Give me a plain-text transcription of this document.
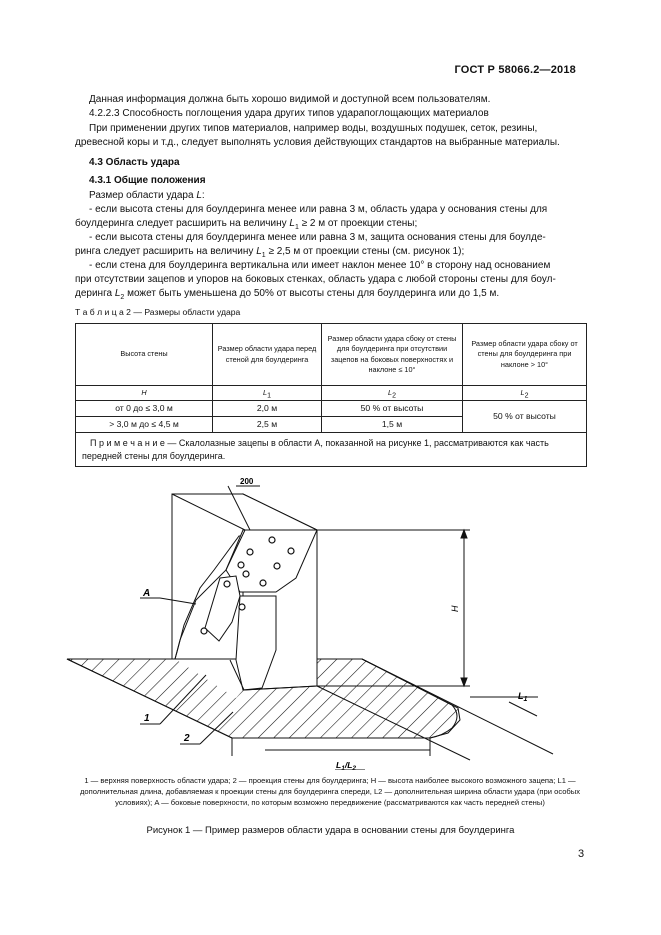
ГОСТ Р 58066.2—2018
Данная информация должна быть хорошо видимой и доступной всем пользователям.
4.2.2.3 Способность поглощения удара других типов ударапоглощающих материалов
При применении других типов материалов, например воды, воздушных подушек, сеток, резины,
древесной коры и т.д., следует выполнять условия действующих стандартов на выбранные материалы.
4.3 Область удара
4.3.1 Общие положения
Размер области удара L:
- если высота стены для боулдеринга менее или равна 3 м, область удара у основания стены для
боулдеринга следует расширить на величину $L_1 \ge 2$ м от проекции стены;
- если высота стены для боулдеринга менее или равна 3 м, защита основания стены для боулде-
ринга следует расширить на величину $L_1 \ge 2,5$ м от проекции стены (см. рисунок 1);
- если стена для боулдеринга вертикальна или имеет наклон менее 10° в сторону над основанием
при отсутствии зацепов и упоров на боковых стенках, область удара с любой стороны стены для боул-
деринга $L_2$ может быть уменьшена до 50% от высоты стены для боулдеринга или до 1,5 м.
Т а б л и ц а 2 — Размеры области удара
Высота стены	Размер области удара перед стеной для боулдеринга	Размер области удара сбоку от стены для боулдеринга при отсутствии зацепов на боковых поверхностях и наклоне ≤ 10°	Размер области удара сбоку от стены для боулдеринга при наклоне > 10°
H	$L_1$	$L_2$	$L_2$
от 0 до ≤ 3,0 м	2,0 м	50 % от высоты	50 % от высоты
> 3,0 м до ≤ 4,5 м	2,5 м	1,5 м	
П р и м е ч а н и е — Скалолазные зацепы в области А, показанной на рисунке 1, рассматриваются как часть передней стены для боулдеринга.			
200
H
$L_1$
$L_1/L_2$
A
1
2
1 — верхняя поверхность области удара; 2 — проекция стены для боулдеринга; H — высота наиболее высокого возможного зацепа; L1 — дополнительная длина, добавляемая к проекции стены для боулдеринга спереди, L2 — дополнительная ширина области удара (при особых условиях); A — боковые поверхности, по которым возможно передвижение (рассматриваются как часть передней стены)
Рисунок 1 — Пример размеров области удара в основании стены для боулдеринга
3
